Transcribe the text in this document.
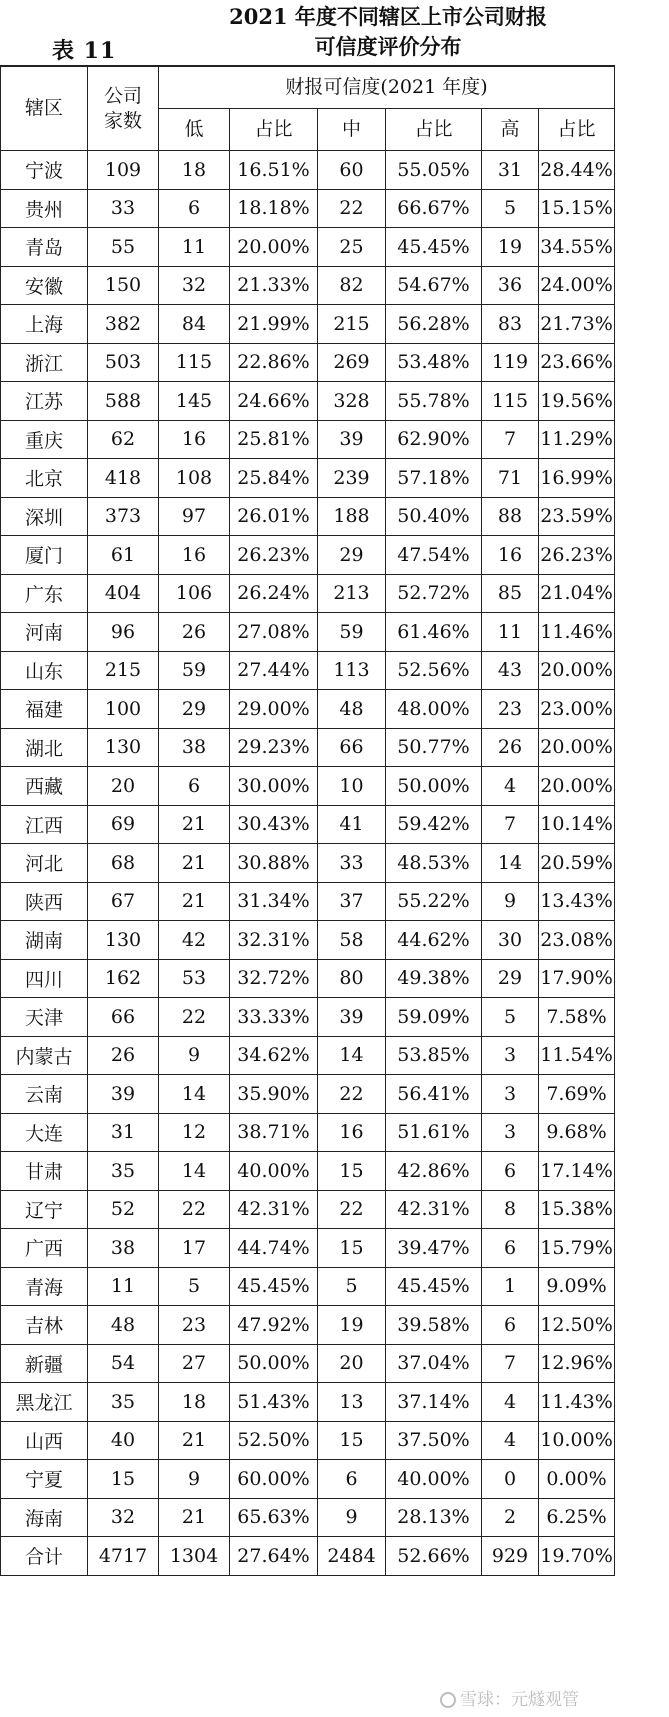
表 11
2021 年度不同辖区上市公司财报
可信度评价分布
辖区	公司家数	财报可信度(2021 年度)					
		低	占比	中	占比	高	占比
宁波	109	18	16.51%	60	55.05%	31	28.44%
贵州	33	6	18.18%	22	66.67%	5	15.15%
青岛	55	11	20.00%	25	45.45%	19	34.55%
安徽	150	32	21.33%	82	54.67%	36	24.00%
上海	382	84	21.99%	215	56.28%	83	21.73%
浙江	503	115	22.86%	269	53.48%	119	23.66%
江苏	588	145	24.66%	328	55.78%	115	19.56%
重庆	62	16	25.81%	39	62.90%	7	11.29%
北京	418	108	25.84%	239	57.18%	71	16.99%
深圳	373	97	26.01%	188	50.40%	88	23.59%
厦门	61	16	26.23%	29	47.54%	16	26.23%
广东	404	106	26.24%	213	52.72%	85	21.04%
河南	96	26	27.08%	59	61.46%	11	11.46%
山东	215	59	27.44%	113	52.56%	43	20.00%
福建	100	29	29.00%	48	48.00%	23	23.00%
湖北	130	38	29.23%	66	50.77%	26	20.00%
西藏	20	6	30.00%	10	50.00%	4	20.00%
江西	69	21	30.43%	41	59.42%	7	10.14%
河北	68	21	30.88%	33	48.53%	14	20.59%
陕西	67	21	31.34%	37	55.22%	9	13.43%
湖南	130	42	32.31%	58	44.62%	30	23.08%
四川	162	53	32.72%	80	49.38%	29	17.90%
天津	66	22	33.33%	39	59.09%	5	7.58%
内蒙古	26	9	34.62%	14	53.85%	3	11.54%
云南	39	14	35.90%	22	56.41%	3	7.69%
大连	31	12	38.71%	16	51.61%	3	9.68%
甘肃	35	14	40.00%	15	42.86%	6	17.14%
辽宁	52	22	42.31%	22	42.31%	8	15.38%
广西	38	17	44.74%	15	39.47%	6	15.79%
青海	11	5	45.45%	5	45.45%	1	9.09%
吉林	48	23	47.92%	19	39.58%	6	12.50%
新疆	54	27	50.00%	20	37.04%	7	12.96%
黑龙江	35	18	51.43%	13	37.14%	4	11.43%
山西	40	21	52.50%	15	37.50%	4	10.00%
宁夏	15	9	60.00%	6	40.00%	0	0.00%
海南	32	21	65.63%	9	28.13%	2	6.25%
合计	4717	1304	27.64%	2484	52.66%	929	19.70%
雪球：元燧观管
